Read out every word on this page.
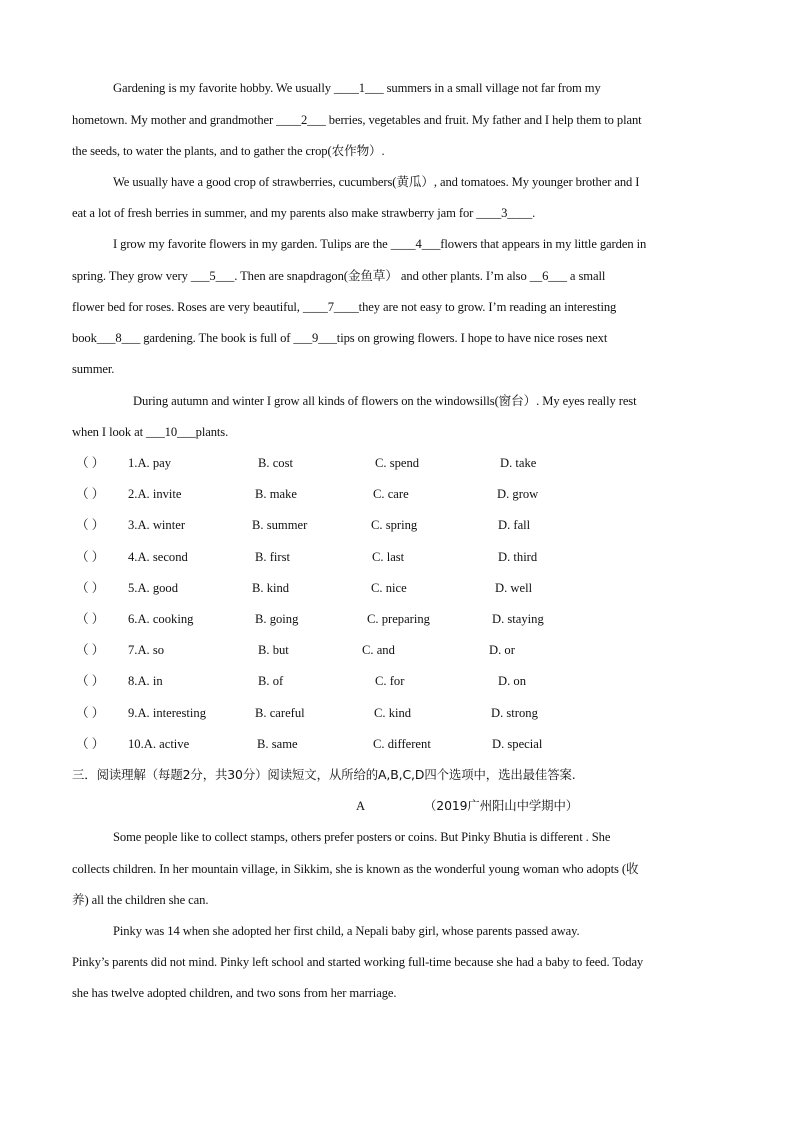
Gardening is my favorite hobby. We usually ____1___ summers in a small village not far from my
hometown. My mother and grandmother ____2___ berries, vegetables and fruit. My father and I help them to plant
the seeds, to water the plants, and to gather the crop(农作物）.
We usually have a good crop of strawberries, cucumbers(黄瓜）, and tomatoes. My younger brother and I
eat a lot of fresh berries in summer, and my parents also make strawberry jam for ____3____.
I grow my favorite flowers in my garden. Tulips are the ____4___flowers that appears in my little garden in
spring. They grow very ___5___. Then are snapdragon(金鱼草） and other plants. I’m also __6___ a small
flower bed for roses. Roses are very beautiful, ____7____they are not easy to grow. I’m reading an interesting
book___8___ gardening. The book is full of ___9___tips on growing flowers. I hope to have nice roses next
summer.
During autumn and winter I grow all kinds of flowers on the windowsills(窗台）. My eyes really rest
when I look at ___10___plants.
（ ） 1.A. pay	B. cost	C. spend	D. take
（ ） 2.A. invite	B. make	C. care	D. grow
（ ） 3.A. winter	B. summer	C. spring	D. fall
（ ） 4.A. second	B. first	C. last	D. third
（ ） 5.A. good	B. kind	C. nice	D. well
（ ） 6.A. cooking	B. going	C. preparing	D. staying
（ ） 7.A. so	B. but	C. and	D. or
（ ） 8.A. in	B. of	C. for	D. on
（ ） 9.A. interesting	B. careful	C. kind	D. strong
（ ） 10.A. active	B. same	C. different	D. special
三．阅读理解（每题2分，共30分）阅读短文，从所给的A,B,C,D四个选项中，选出最佳答案.
A	（2019广州阳山中学期中）
Some people like to collect stamps, others prefer posters or coins. But Pinky Bhutia is different . She
collects children. In her mountain village, in Sikkim, she is known as the wonderful young woman who adopts (收
养) all the children she can.
Pinky was 14 when she adopted her first child, a Nepali baby girl, whose parents passed away.
Pinky’s parents did not mind. Pinky left school and started working full-time because she had a baby to feed. Today
she has twelve adopted children, and two sons from her marriage.
